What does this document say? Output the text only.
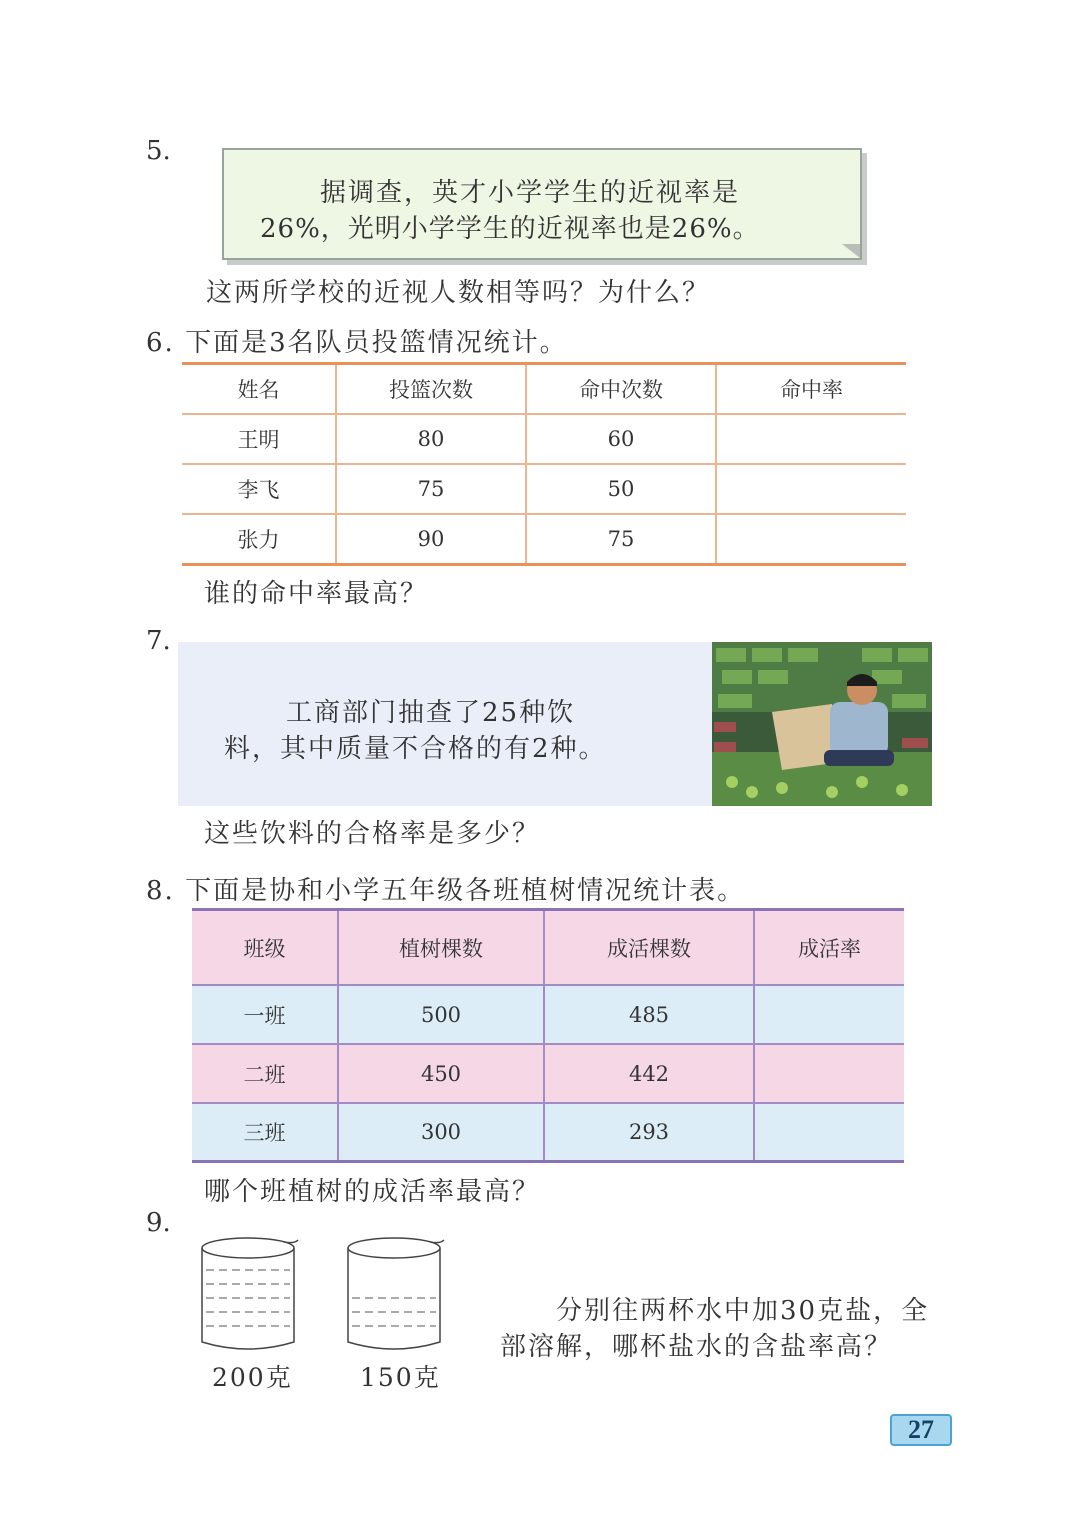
5.
据调查，英才小学学生的近视率是
26%，光明小学学生的近视率也是26%。
这两所学校的近视人数相等吗？为什么？
6. 下面是3名队员投篮情况统计。
姓名	投篮次数	命中次数	命中率
王明	80	60	
李飞	75	50	
张力	90	75	
谁的命中率最高？
7.
工商部门抽查了25种饮
料，其中质量不合格的有2种。
这些饮料的合格率是多少？
8. 下面是协和小学五年级各班植树情况统计表。
班级	植树棵数	成活棵数	成活率
一班	500	485	
二班	450	442	
三班	300	293	
哪个班植树的成活率最高？
9.
200克	150克
分别往两杯水中加30克盐，全
部溶解，哪杯盐水的含盐率高？
27
